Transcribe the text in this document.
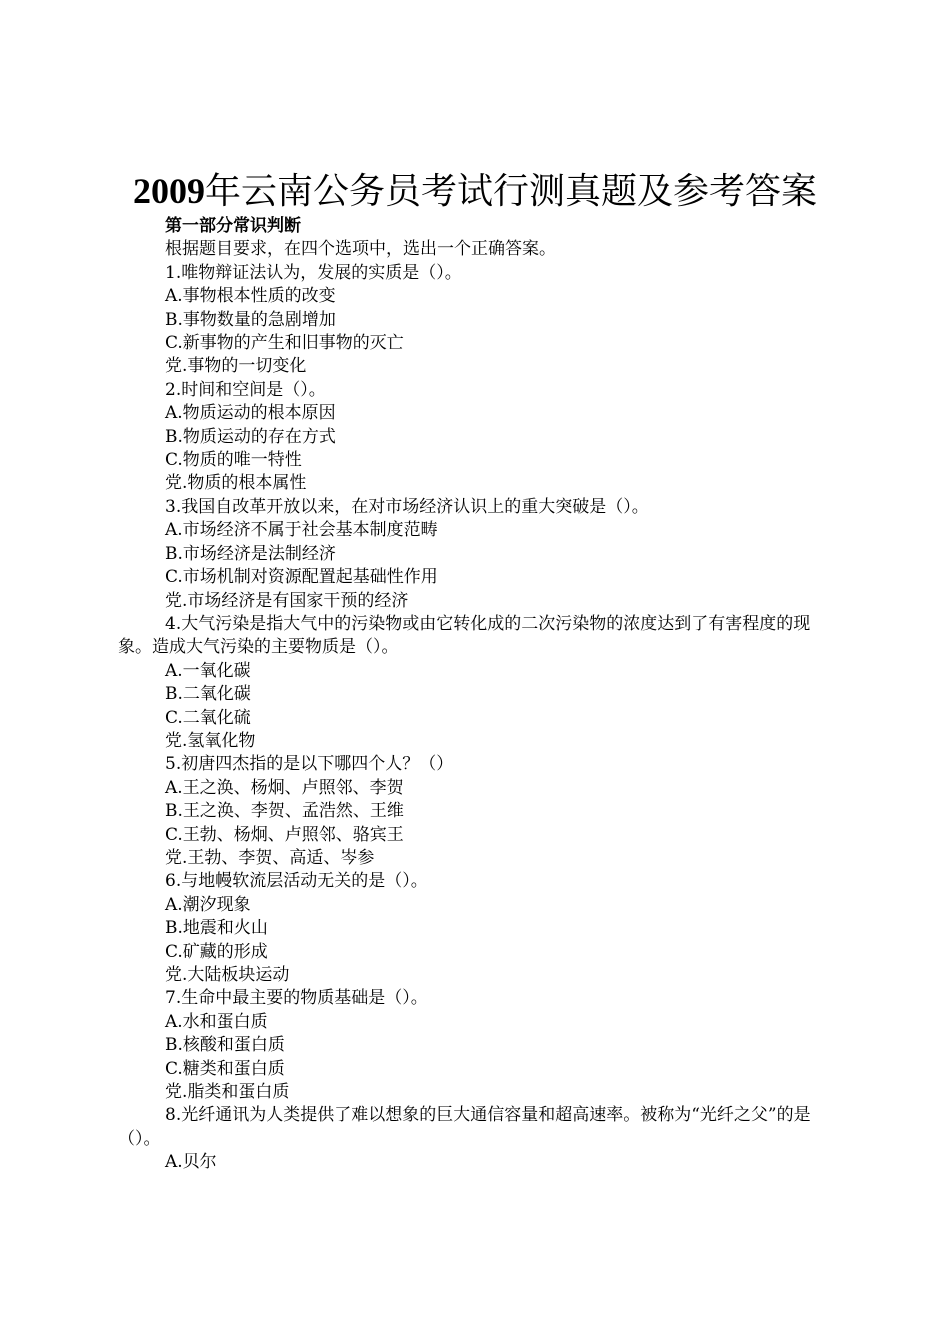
2009年云南公务员考试行测真题及参考答案
第一部分常识判断
根据题目要求，在四个选项中，选出一个正确答案。
1.唯物辩证法认为，发展的实质是（）。
A.事物根本性质的改变
B.事物数量的急剧增加
C.新事物的产生和旧事物的灭亡
党.事物的一切变化
2.时间和空间是（）。
A.物质运动的根本原因
B.物质运动的存在方式
C.物质的唯一特性
党.物质的根本属性
3.我国自改革开放以来，在对市场经济认识上的重大突破是（）。
A.市场经济不属于社会基本制度范畴
B.市场经济是法制经济
C.市场机制对资源配置起基础性作用
党.市场经济是有国家干预的经济
4.大气污染是指大气中的污染物或由它转化成的二次污染物的浓度达到了有害程度的现象。造成大气污染的主要物质是（）。
A.一氧化碳
B.二氧化碳
C.二氧化硫
党.氢氧化物
5.初唐四杰指的是以下哪四个人？（）
A.王之涣、杨炯、卢照邻、李贺
B.王之涣、李贺、孟浩然、王维
C.王勃、杨炯、卢照邻、骆宾王
党.王勃、李贺、高适、岑参
6.与地幔软流层活动无关的是（）。
A.潮汐现象
B.地震和火山
C.矿藏的形成
党.大陆板块运动
7.生命中最主要的物质基础是（）。
A.水和蛋白质
B.核酸和蛋白质
C.糖类和蛋白质
党.脂类和蛋白质
8.光纤通讯为人类提供了难以想象的巨大通信容量和超高速率。被称为“光纤之父”的是（）。
A.贝尔
